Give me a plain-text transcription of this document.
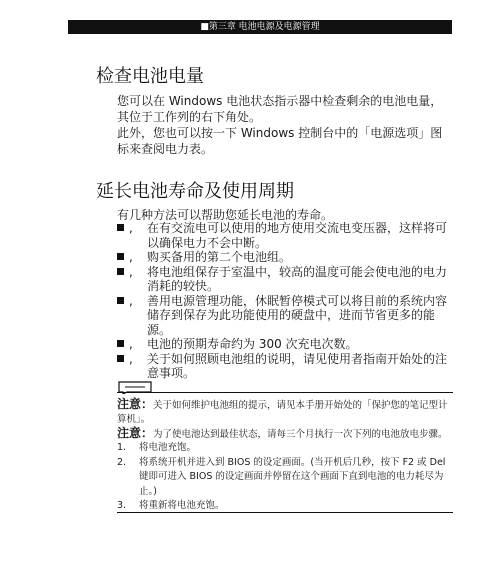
■第三章 电池电源及电源管理
检查电池电量

您可以在 Windows 电池状态指示器中检查剩余的电池电量，其位于工作列的右下角处。

此外，您也可以按一下 Windows 控制台中的「电源选项」图标来查阅电力表。

延长电池寿命及使用周期

有几种方法可以帮助您延长电池的寿命。

, 在有交流电可以使用的地方使用交流电变压器，这样将可以确保电力不会中断。
, 购买备用的第二个电池组。
, 将电池组保存于室温中，较高的温度可能会使电池的电力消耗的较快。
, 善用电源管理功能，休眠暂停模式可以将目前的系统内容储存到保存为此功能使用的硬盘中，进而节省更多的能源。
, 电池的预期寿命约为 300 次充电次数。
, 关于如何照顾电池组的说明，请见使用者指南开始处的注意事项。

注意：关于如何维护电池组的提示，请见本手册开始处的「保护您的笔记型计算机」。

注意：为了使电池达到最佳状态，请每三个月执行一次下列的电池放电步骤。

1. 将电池充饱。
2. 将系统开机并进入到 BIOS 的设定画面。(当开机后几秒，按下 F2 或 Del 键即可进入 BIOS 的设定画面并停留在这个画面下直到电池的电力耗尽为止。)
3. 将重新将电池充饱。
